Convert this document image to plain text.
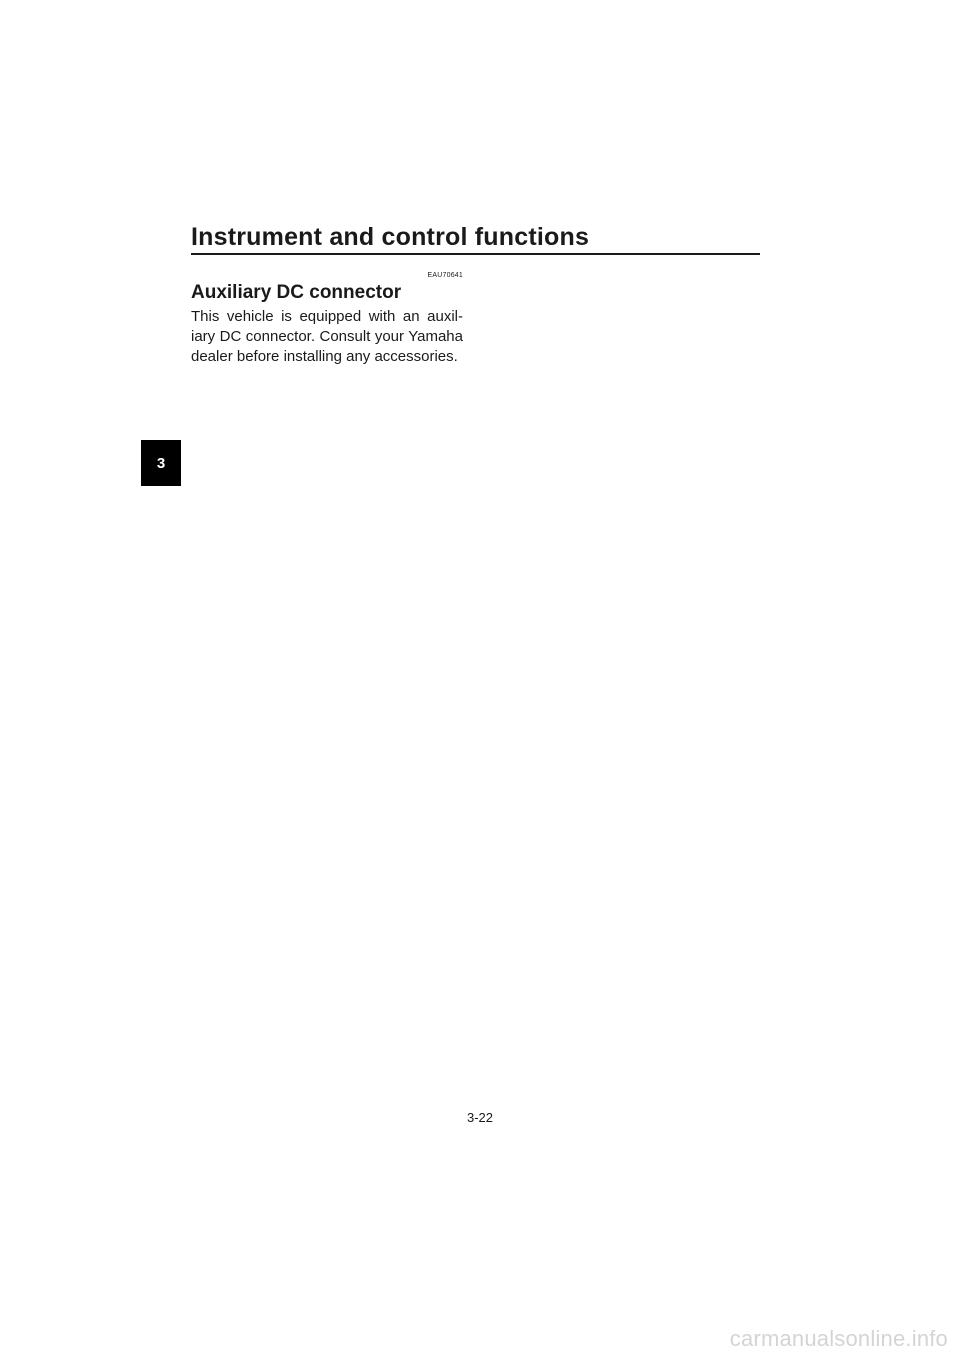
Instrument and control functions
3
EAU70641
Auxiliary DC connector

This vehicle is equipped with an auxil-iary DC connector. Consult your Yamaha dealer before installing any accessories.

3-22
carmanualsonline.info
